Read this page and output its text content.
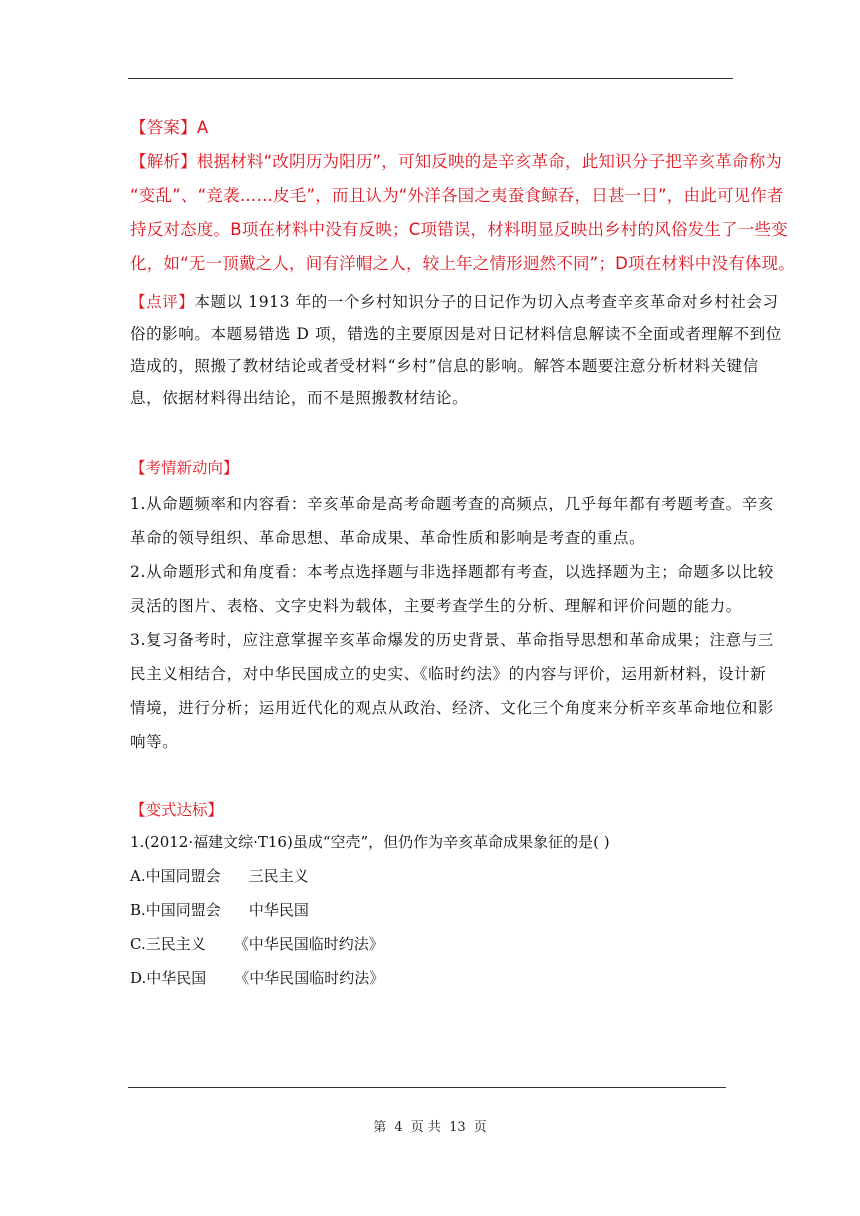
【答案】A
【解析】根据材料“改阴历为阳历”，可知反映的是辛亥革命，此知识分子把辛亥革命称为
“变乱”、“竞袭……皮毛”，而且认为“外洋各国之夷蚕食鲸吞，日甚一日”，由此可见作者
持反对态度。B项在材料中没有反映；C项错误，材料明显反映出乡村的风俗发生了一些变
化，如“无一顶戴之人，间有洋帽之人，较上年之情形迥然不同”；D项在材料中没有体现。
【点评】本题以 1913 年的一个乡村知识分子的日记作为切入点考查辛亥革命对乡村社会习
俗的影响。本题易错选 D 项，错选的主要原因是对日记材料信息解读不全面或者理解不到位
造成的，照搬了教材结论或者受材料“乡村”信息的影响。解答本题要注意分析材料关键信
息，依据材料得出结论，而不是照搬教材结论。
【考情新动向】
1.从命题频率和内容看：辛亥革命是高考命题考查的高频点，几乎每年都有考题考查。辛亥
革命的领导组织、革命思想、革命成果、革命性质和影响是考查的重点。
2.从命题形式和角度看：本考点选择题与非选择题都有考查，以选择题为主；命题多以比较
灵活的图片、表格、文字史料为载体，主要考查学生的分析、理解和评价问题的能力。
3.复习备考时，应注意掌握辛亥革命爆发的历史背景、革命指导思想和革命成果；注意与三
民主义相结合，对中华民国成立的史实、《临时约法》的内容与评价，运用新材料，设计新
情境，进行分析；运用近代化的观点从政治、经济、文化三个角度来分析辛亥革命地位和影
响等。
【变式达标】
1.(2012·福建文综·T16)虽成“空壳”，但仍作为辛亥革命成果象征的是( )
A.中国同盟会 三民主义
B.中国同盟会 中华民国
C.三民主义 《中华民国临时约法》
D.中华民国 《中华民国临时约法》
第 4 页 共 13 页
